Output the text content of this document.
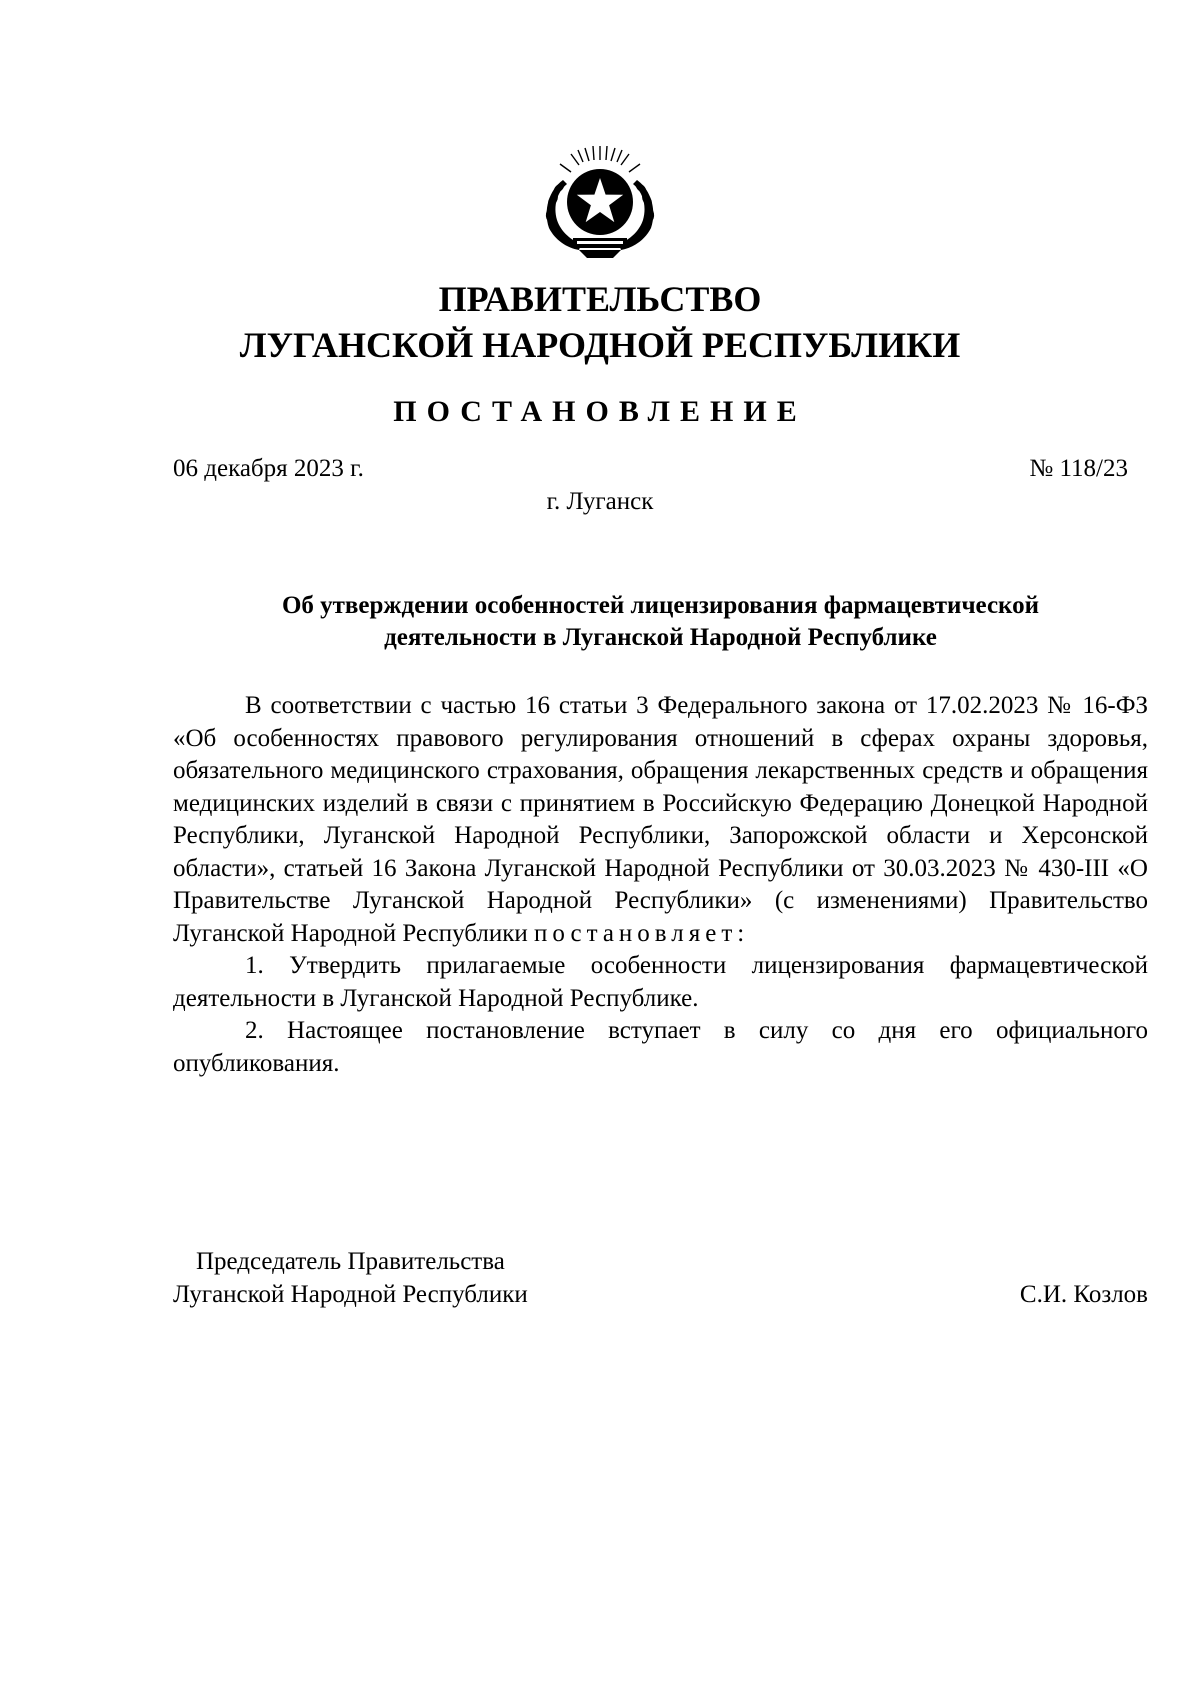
ПРАВИТЕЛЬСТВО
ЛУГАНСКОЙ НАРОДНОЙ РЕСПУБЛИКИ
ПОСТАНОВЛЕНИЕ
06 декабря 2023 г.	№ 118/23
г. Луганск
Об утверждении особенностей лицензирования фармацевтической
деятельности в Луганской Народной Республике

В соответствии с частью 16 статьи 3 Федерального закона от 17.02.2023 № 16-ФЗ «Об особенностях правового регулирования отношений в сферах охраны здоровья, обязательного медицинского страхования, обращения лекарственных средств и обращения медицинских изделий в связи с принятием в Российскую Федерацию Донецкой Народной Республики, Луганской Народной Республики, Запорожской области и Херсонской области», статьей 16 Закона Луганской Народной Республики от 30.03.2023 № 430-III «О Правительстве Луганской Народной Республики» (с изменениями) Правительство Луганской Народной Республики постановляет:

1. Утвердить прилагаемые особенности лицензирования фармацевтической деятельности в Луганской Народной Республике.

2. Настоящее постановление вступает в силу со дня его официального опубликования.

Председатель Правительства
Луганской Народной Республики	С.И. Козлов
